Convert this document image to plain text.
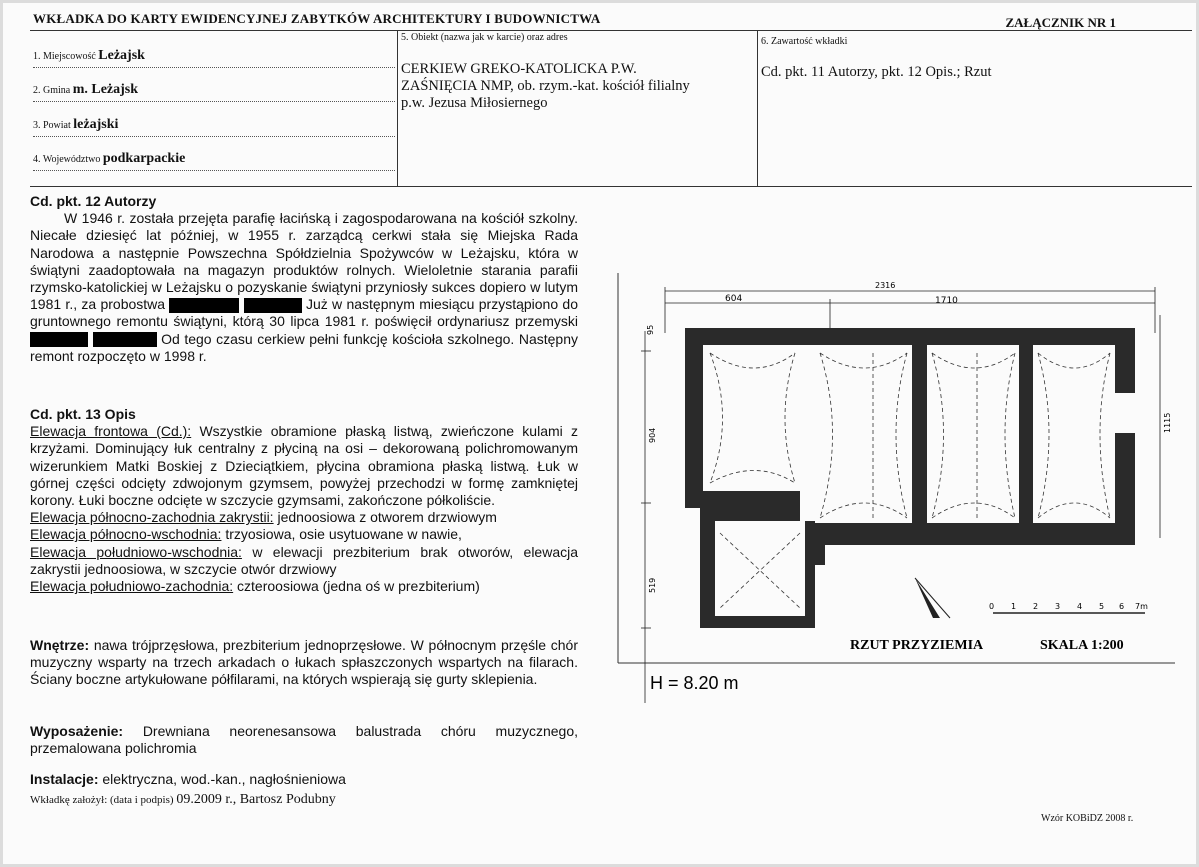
WKŁADKA DO KARTY EWIDENCYJNEJ ZABYTKÓW ARCHITEKTURY I BUDOWNICTWA	ZAŁĄCZNIK NR 1
1. Miejscowość Leżajsk
2. Gmina m. Leżajsk
3. Powiat leżajski
4. Województwo podkarpackie
5. Obiekt (nazwa jak w karcie) oraz adres
CERKIEW GREKO-KATOLICKA P.W.
ZAŚNIĘCIA NMP, ob. rzym.-kat. kościół filialny
p.w. Jezusa Miłosiernego
6. Zawartość wkładki
Cd. pkt. 11 Autorzy, pkt. 12 Opis.; Rzut
Cd. pkt. 12 Autorzy

W 1946 r. została przejęta parafię łacińską i zagospodarowana na kościół szkolny. Niecałe dziesięć lat później, w 1955 r. zarządcą cerkwi stała się Miejska Rada Narodowa a następnie Powszechna Spółdzielnia Spożywców w Leżajsku, która w świątyni zaadoptowała na magazyn produktów rolnych. Wieloletnie starania parafii rzymsko-katolickiej w Leżajsku o pozyskanie świątyni przyniosły sukces dopiero w lutym 1981 r., za probostwa	Już w następnym miesiącu przystąpiono do gruntownego remontu świątyni, którą 30 lipca 1981 r. poświęcił ordynariusz przemyski   Od tego czasu cerkiew pełni funkcję kościoła szkolnego. Następny remont rozpoczęto w 1998 r.

Cd. pkt. 13 Opis

Elewacja frontowa (Cd.): Wszystkie obramione płaską listwą, zwieńczone kulami z krzyżami. Dominujący łuk centralny z płyciną na osi – dekorowaną polichromowanym wizerunkiem Matki Boskiej z Dzieciątkiem, płycina obramiona płaską listwą. Łuk w górnej części odcięty zdwojonym gzymsem, powyżej przechodzi w formę zamkniętej korony. Łuki boczne odcięte w szczycie gzymsami, zakończone półkoliście.

Elewacja północno-zachodnia zakrystii: jednoosiowa z otworem drzwiowym

Elewacja północno-wschodnia: trzyosiowa, osie usytuowane w nawie,

Elewacja południowo-wschodnia: w elewacji prezbiterium brak otworów, elewacja zakrystii jednoosiowa, w szczycie otwór drzwiowy

Elewacja południowo-zachodnia: czteroosiowa (jedna oś w prezbiterium)

Wnętrze: nawa trójprzęsłowa, prezbiterium jednoprzęsłowe. W północnym przęśle chór muzyczny wsparty na trzech arkadach o łukach spłaszczonych wspartych na filarach. Ściany boczne artykułowane półfilarami, na których wspierają się gurty sklepienia.

Wyposażenie: Drewniana neorenesansowa balustrada chóru muzycznego, przemalowana polichromia

Instalacje: elektryczna, wod.-kan., nagłośnieniowa

Wkładkę założył: (data i podpis) 09.2009 r., Bartosz Podubny
Wzór KOBiDZ 2008 r.
2316
604	1710
95
904
1115
519
0 1 2 3 4 5 6 7m
RZUT PRZYZIEMIA	SKALA 1:200
H = 8.20 m
